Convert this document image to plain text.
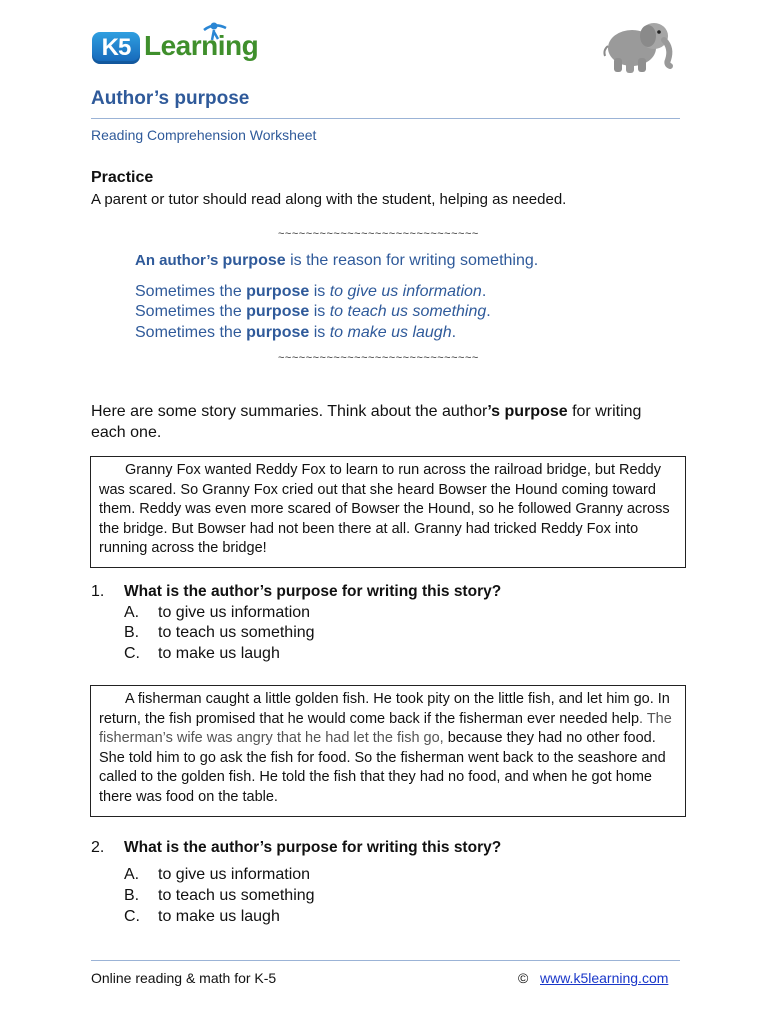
K5 Learning
Author’s purpose
Reading Comprehension Worksheet
Practice
A parent or tutor should read along with the student, helping as needed.
~~~~~~~~~~~~~~~~~~~~~~~~~~~~~
An author’s purpose is the reason for writing something.
Sometimes the purpose is to give us information.
Sometimes the purpose is to teach us something.
Sometimes the purpose is to make us laugh.
~~~~~~~~~~~~~~~~~~~~~~~~~~~~~
Here are some story summaries. Think about the author’s purpose for writing each one.

Granny Fox wanted Reddy Fox to learn to run across the railroad bridge, but Reddy was scared. So Granny Fox cried out that she heard Bowser the Hound coming toward them. Reddy was even more scared of Bowser the Hound, so he followed Granny across the bridge. But Bowser had not been there at all. Granny had tricked Reddy Fox into running across the bridge!

1. What is the author’s purpose for writing this story?
A. to give us information
B. to teach us something
C. to make us laugh

A fisherman caught a little golden fish. He took pity on the little fish, and let him go. In return, the fish promised that he would come back if the fisherman ever needed help. The fisherman’s wife was angry that he had let the fish go, because they had no other food. She told him to go ask the fish for food. So the fisherman went back to the seashore and called to the golden fish. He told the fish that they had no food, and when he got home there was food on the table.

2. What is the author’s purpose for writing this story?
A. to give us information
B. to teach us something
C. to make us laugh
Online reading & math for K-5	© www.k5learning.com
